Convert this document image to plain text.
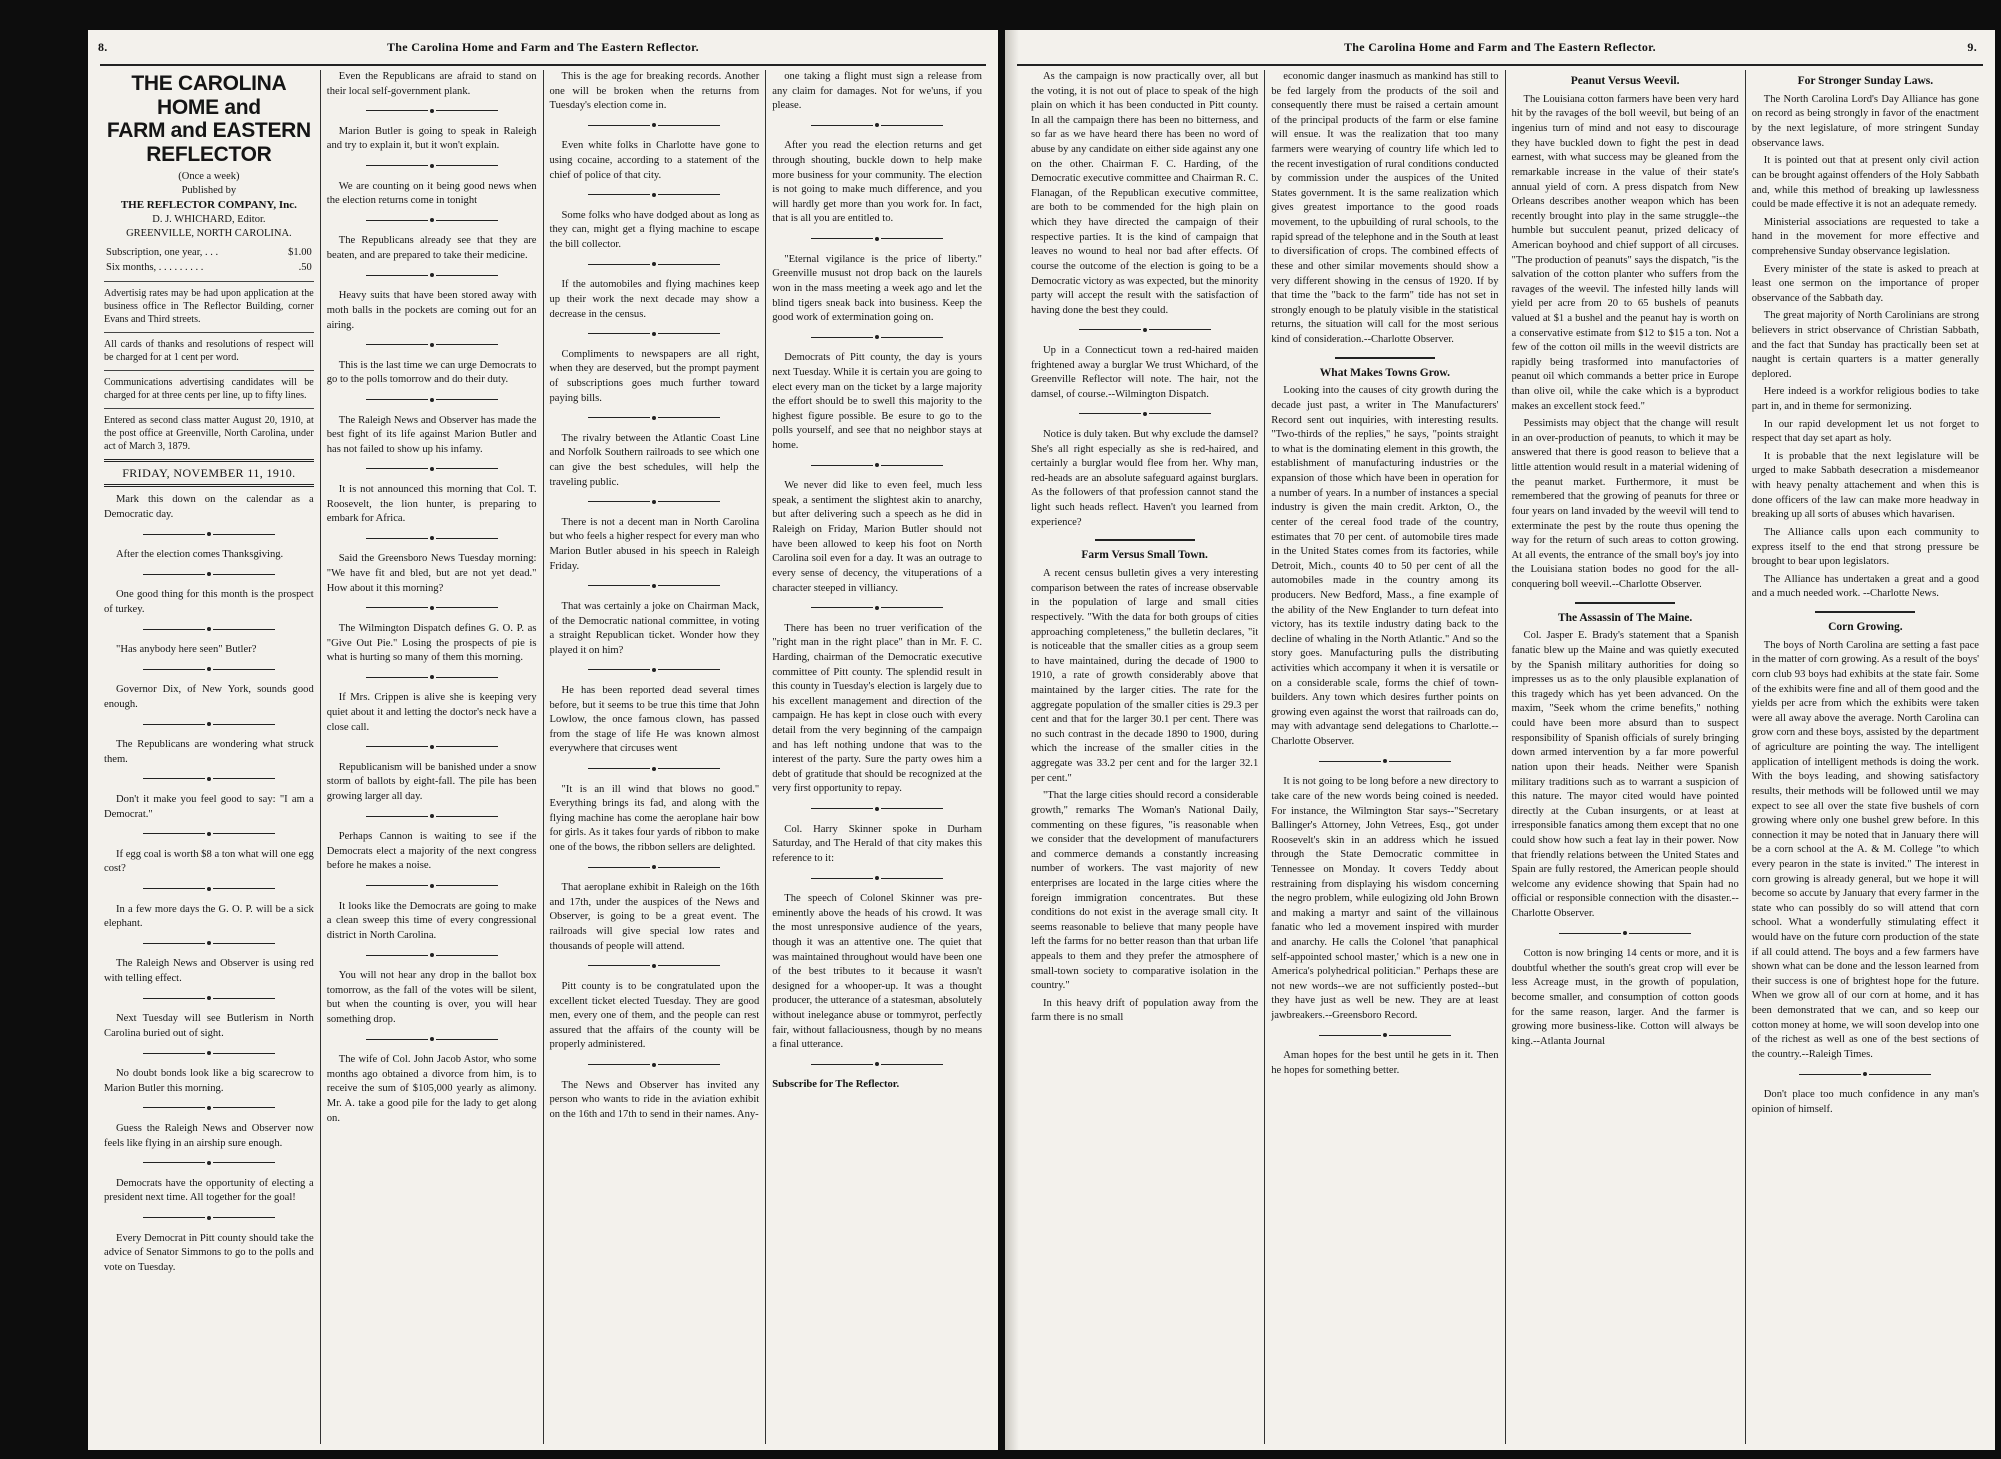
8.	The Carolina Home and Farm and The Eastern Reflector.
THE CAROLINA HOME and
FARM and EASTERN
REFLECTOR
(Once a week)
Published by
THE REFLECTOR COMPANY, Inc.
D. J. WHICHARD, Editor.
GREENVILLE, NORTH CAROLINA.
Subscription, one year, . . .	$1.00
Six months, . . . . . . . . .	.50
Advertisig rates may be had upon application at the business office in The Reflector Building, corner Evans and Third streets.
All cards of thanks and resolutions of respect will be charged for at 1 cent per word.
Communications advertising candidates will be charged for at three cents per line, up to fifty lines.
Entered as second class matter August 20, 1910, at the post office at Greenville, North Carolina, under act of March 3, 1879.
FRIDAY, NOVEMBER 11, 1910.

Mark this down on the calendar as a Democratic day.

After the election comes Thanksgiving.

One good thing for this month is the prospect of turkey.

"Has anybody here seen" Butler?

Governor Dix, of New York, sounds good enough.

The Republicans are wondering what struck them.

Don't it make you feel good to say: "I am a Democrat."

If egg coal is worth $8 a ton what will one egg cost?

In a few more days the G. O. P. will be a sick elephant.

The Raleigh News and Observer is using red with telling effect.

Next Tuesday will see Butlerism in North Carolina buried out of sight.

No doubt bonds look like a big scarecrow to Marion Butler this morning.

Guess the Raleigh News and Observer now feels like flying in an airship sure enough.

Democrats have the opportunity of electing a president next time. All together for the goal!

Every Democrat in Pitt county should take the advice of Senator Simmons to go to the polls and vote on Tuesday.

Even the Republicans are afraid to stand on their local self-government plank.

Marion Butler is going to speak in Raleigh and try to explain it, but it won't explain.

We are counting on it being good news when the election returns come in tonight

The Republicans already see that they are beaten, and are prepared to take their medicine.

Heavy suits that have been stored away with moth balls in the pockets are coming out for an airing.

This is the last time we can urge Democrats to go to the polls tomorrow and do their duty.

The Raleigh News and Observer has made the best fight of its life against Marion Butler and has not failed to show up his infamy.

It is not announced this morning that Col. T. Roosevelt, the lion hunter, is preparing to embark for Africa.

Said the Greensboro News Tuesday morning: "We have fit and bled, but are not yet dead." How about it this morning?

The Wilmington Dispatch defines G. O. P. as "Give Out Pie." Losing the prospects of pie is what is hurting so many of them this morning.

If Mrs. Crippen is alive she is keeping very quiet about it and letting the doctor's neck have a close call.

Republicanism will be banished under a snow storm of ballots by eight-fall. The pile has been growing larger all day.

Perhaps Cannon is waiting to see if the Democrats elect a majority of the next congress before he makes a noise.

It looks like the Democrats are going to make a clean sweep this time of every congressional district in North Carolina.

You will not hear any drop in the ballot box tomorrow, as the fall of the votes will be silent, but when the counting is over, you will hear something drop.

The wife of Col. John Jacob Astor, who some months ago obtained a divorce from him, is to receive the sum of $105,000 yearly as alimony. Mr. A. take a good pile for the lady to get along on.

This is the age for breaking records. Another one will be broken when the returns from Tuesday's election come in.

Even white folks in Charlotte have gone to using cocaine, according to a statement of the chief of police of that city.

Some folks who have dodged about as long as they can, might get a flying machine to escape the bill collector.

If the automobiles and flying machines keep up their work the next decade may show a decrease in the census.

Compliments to newspapers are all right, when they are deserved, but the prompt payment of subscriptions goes much further toward paying bills.

The rivalry between the Atlantic Coast Line and Norfolk Southern railroads to see which one can give the best schedules, will help the traveling public.

There is not a decent man in North Carolina but who feels a higher respect for every man who Marion Butler abused in his speech in Raleigh Friday.

That was certainly a joke on Chairman Mack, of the Democratic national committee, in voting a straight Republican ticket. Wonder how they played it on him?

He has been reported dead several times before, but it seems to be true this time that John Lowlow, the once famous clown, has passed from the stage of life He was known almost everywhere that circuses went

"It is an ill wind that blows no good." Everything brings its fad, and along with the flying machine has come the aeroplane hair bow for girls. As it takes four yards of ribbon to make one of the bows, the ribbon sellers are delighted.

That aeroplane exhibit in Raleigh on the 16th and 17th, under the auspices of the News and Observer, is going to be a great event. The railroads will give special low rates and thousands of people will attend.

Pitt county is to be congratulated upon the excellent ticket elected Tuesday. They are good men, every one of them, and the people can rest assured that the affairs of the county will be properly administered.

The News and Observer has invited any person who wants to ride in the aviation exhibit on the 16th and 17th to send in their names. Any-

one taking a flight must sign a release from any claim for damages. Not for we'uns, if you please.

After you read the election returns and get through shouting, buckle down to help make more business for your community. The election is not going to make much difference, and you will hardly get more than you work for. In fact, that is all you are entitled to.

"Eternal vigilance is the price of liberty." Greenville musust not drop back on the laurels won in the mass meeting a week ago and let the blind tigers sneak back into business. Keep the good work of extermination going on.

Democrats of Pitt county, the day is yours next Tuesday. While it is certain you are going to elect every man on the ticket by a large majority the effort should be to swell this majority to the highest figure possible. Be esure to go to the polls yourself, and see that no neighbor stays at home.

We never did like to even feel, much less speak, a sentiment the slightest akin to anarchy, but after delivering such a speech as he did in Raleigh on Friday, Marion Butler should not have been allowed to keep his foot on North Carolina soil even for a day. It was an outrage to every sense of decency, the vituperations of a character steeped in villiancy.

There has been no truer verification of the "right man in the right place" than in Mr. F. C. Harding, chairman of the Democratic executive committee of Pitt county. The splendid result in this county in Tuesday's election is largely due to his excellent management and direction of the campaign. He has kept in close ouch with every detail from the very beginning of the campaign and has left nothing undone that was to the interest of the party. Sure the party owes him a debt of gratitude that should be recognized at the very first opportunity to repay.

Col. Harry Skinner spoke in Durham Saturday, and The Herald of that city makes this reference to it:

The speech of Colonel Skinner was pre-eminently above the heads of his crowd. It was the most unresponsive audience of the years, though it was an attentive one. The quiet that was maintained throughout would have been one of the best tributes to it because it wasn't designed for a whooper-up. It was a thought producer, the utterance of a statesman, absolutely without inelegance abuse or tommyrot, perfectly fair, without fallaciousness, though by no means a final utterance.

Subscribe for The Reflector.
The Carolina Home and Farm and The Eastern Reflector.	9.

As the campaign is now practically over, all but the voting, it is not out of place to speak of the high plain on which it has been conducted in Pitt county. In all the campaign there has been no bitterness, and so far as we have heard there has been no word of abuse by any candidate on either side against any one on the other. Chairman F. C. Harding, of the Democratic executive committee and Chairman R. C. Flanagan, of the Republican executive committee, are both to be commended for the high plain on which they have directed the campaign of their respective parties. It is the kind of campaign that leaves no wound to heal nor bad after effects. Of course the outcome of the election is going to be a Democratic victory as was expected, but the minority party will accept the result with the satisfaction of having done the best they could.

Up in a Connecticut town a red-haired maiden frightened away a burglar We trust Whichard, of the Greenville Reflector will note. The hair, not the damsel, of course.--Wilmington Dispatch.

Notice is duly taken. But why exclude the damsel? She's all right especially as she is red-haired, and certainly a burglar would flee from her. Why man, red-heads are an absolute safeguard against burglars. As the followers of that profession cannot stand the light such heads reflect. Haven't you learned from experience?

Farm Versus Small Town.

A recent census bulletin gives a very interesting comparison between the rates of increase observable in the population of large and small cities respectively. "With the data for both groups of cities approaching completeness," the bulletin declares, "it is noticeable that the smaller cities as a group seem to have maintained, during the decade of 1900 to 1910, a rate of growth considerably above that maintained by the larger cities. The rate for the aggregate population of the smaller cities is 29.3 per cent and that for the larger 30.1 per cent. There was no such contrast in the decade 1890 to 1900, during which the increase of the smaller cities in the aggregate was 33.2 per cent and for the larger 32.1 per cent."

"That the large cities should record a considerable growth," remarks The Woman's National Daily, commenting on these figures, "is reasonable when we consider that the development of manufacturers and commerce demands a constantly increasing number of workers. The vast majority of new enterprises are located in the large cities where the foreign immigration concentrates. But these conditions do not exist in the average small city. It seems reasonable to believe that many people have left the farms for no better reason than that urban life appeals to them and they prefer the atmosphere of small-town society to comparative isolation in the country."

In this heavy drift of population away from the farm there is no small

economic danger inasmuch as mankind has still to be fed largely from the products of the soil and consequently there must be raised a certain amount of the principal products of the farm or else famine will ensue. It was the realization that too many farmers were wearying of country life which led to the recent investigation of rural conditions conducted by commission under the auspices of the United States government. It is the same realization which gives greatest importance to the good roads movement, to the upbuilding of rural schools, to the rapid spread of the telephone and in the South at least to diversification of crops. The combined effects of these and other similar movements should show a very different showing in the census of 1920. If by that time the "back to the farm" tide has not set in strongly enough to be platuly visible in the statistical returns, the situation will call for the most serious kind of consideration.--Charlotte Observer.

What Makes Towns Grow.

Looking into the causes of city growth during the decade just past, a writer in The Manufacturers' Record sent out inquiries, with interesting results. "Two-thirds of the replies," he says, "points straight to what is the dominating element in this growth, the establishment of manufacturing industries or the expansion of those which have been in operation for a number of years. In a number of instances a special industry is given the main credit. Arkton, O., the center of the cereal food trade of the country, estimates that 70 per cent. of automobile tires made in the United States comes from its factories, while Detroit, Mich., counts 40 to 50 per cent of all the automobiles made in the country among its producers. New Bedford, Mass., a fine example of the ability of the New Englander to turn defeat into victory, has its textile industry dating back to the decline of whaling in the North Atlantic." And so the story goes. Manufacturing pulls the distributing activities which accompany it when it is versatile or on a considerable scale, forms the chief of town-builders. Any town which desires further points on growing even against the worst that railroads can do, may with advantage send delegations to Charlotte.--Charlotte Observer.

It is not going to be long before a new directory to take care of the new words being coined is needed. For instance, the Wilmington Star says--"Secretary Ballinger's Attorney, John Vetrees, Esq., got under Roosevelt's skin in an address which he issued through the State Democratic committee in Tennessee on Monday. It covers Teddy about restraining from displaying his wisdom concerning the negro problem, while eulogizing old John Brown and making a martyr and saint of the villainous fanatic who led a movement inspired with murder and anarchy. He calls the Colonel 'that panaphical self-appointed school master,' which is a new one in America's polyhedrical politician." Perhaps these are not new words--we are not sufficiently posted--but they have just as well be new. They are at least jawbreakers.--Greensboro Record.

Aman hopes for the best until he gets in it. Then he hopes for something better.

Peanut Versus Weevil.

The Louisiana cotton farmers have been very hard hit by the ravages of the boll weevil, but being of an ingenius turn of mind and not easy to discourage they have buckled down to fight the pest in dead earnest, with what success may be gleaned from the remarkable increase in the value of their state's annual yield of corn. A press dispatch from New Orleans describes another weapon which has been recently brought into play in the same struggle--the humble but succulent peanut, prized delicacy of American boyhood and chief support of all circuses. "The production of peanuts" says the dispatch, "is the salvation of the cotton planter who suffers from the ravages of the weevil. The infested hilly lands will yield per acre from 20 to 65 bushels of peanuts valued at $1 a bushel and the peanut hay is worth on a conservative estimate from $12 to $15 a ton. Not a few of the cotton oil mills in the weevil districts are rapidly being trasformed into manufactories of peanut oil which commands a better price in Europe than olive oil, while the cake which is a byproduct makes an excellent stock feed."

Pessimists may object that the change will result in an over-production of peanuts, to which it may be answered that there is good reason to believe that a little attention would result in a material widening of the peanut market. Furthermore, it must be remembered that the growing of peanuts for three or four years on land invaded by the weevil will tend to exterminate the pest by the route thus opening the way for the return of such areas to cotton growing. At all events, the entrance of the small boy's joy into the Louisiana station bodes no good for the all-conquering boll weevil.--Charlotte Observer.

The Assassin of The Maine.

Col. Jasper E. Brady's statement that a Spanish fanatic blew up the Maine and was quietly executed by the Spanish military authorities for doing so impresses us as to the only plausible explanation of this tragedy which has yet been advanced. On the maxim, "Seek whom the crime benefits," nothing could have been more absurd than to suspect responsibility of Spanish officials of surely bringing down armed intervention by a far more powerful nation upon their heads. Neither were Spanish military traditions such as to warrant a suspicion of this nature. The mayor cited would have pointed directly at the Cuban insurgents, or at least at irresponsible fanatics among them except that no one could show how such a feat lay in their power. Now that friendly relations between the United States and Spain are fully restored, the American people should welcome any evidence showing that Spain had no official or responsible connection with the disaster.--Charlotte Observer.

Cotton is now bringing 14 cents or more, and it is doubtful whether the south's great crop will ever be less Acreage must, in the growth of population, become smaller, and consumption of cotton goods for the same reason, larger. And the farmer is growing more business-like. Cotton will always be king.--Atlanta Journal

For Stronger Sunday Laws.

The North Carolina Lord's Day Alliance has gone on record as being strongly in favor of the enactment by the next legislature, of more stringent Sunday observance laws.

It is pointed out that at present only civil action can be brought against offenders of the Holy Sabbath and, while this method of breaking up lawlessness could be made effective it is not an adequate remedy.

Ministerial associations are requested to take a hand in the movement for more effective and comprehensive Sunday observance legislation.

Every minister of the state is asked to preach at least one sermon on the importance of proper observance of the Sabbath day.

The great majority of North Carolinians are strong believers in strict observance of Christian Sabbath, and the fact that Sunday has practically been set at naught is certain quarters is a matter generally deplored.

Here indeed is a workfor religious bodies to take part in, and in theme for sermonizing.

In our rapid development let us not forget to respect that day set apart as holy.

It is probable that the next legislature will be urged to make Sabbath desecration a misdemeanor with heavy penalty attachement and when this is done officers of the law can make more headway in breaking up all sorts of abuses which havarisen.

The Alliance calls upon each community to express itself to the end that strong pressure be brought to bear upon legislators.

The Alliance has undertaken a great and a good and a much needed work. --Charlotte News.

Corn Growing.

The boys of North Carolina are setting a fast pace in the matter of corn growing. As a result of the boys' corn club 93 boys had exhibits at the state fair. Some of the exhibits were fine and all of them good and the yields per acre from which the exhibits were taken were all away above the average. North Carolina can grow corn and these boys, assisted by the department of agriculture are pointing the way. The intelligent application of intelligent methods is doing the work. With the boys leading, and showing satisfactory results, their methods will be followed until we may expect to see all over the state five bushels of corn growing where only one bushel grew before. In this connection it may be noted that in January there will be a corn school at the A. & M. College "to which every pearon in the state is invited." The interest in corn growing is already general, but we hope it will become so accute by January that every farmer in the state who can possibly do so will attend that corn school. What a wonderfully stimulating effect it would have on the future corn production of the state if all could attend. The boys and a few farmers have shown what can be done and the lesson learned from their success is one of brightest hope for the future. When we grow all of our corn at home, and it has been demonstrated that we can, and so keep our cotton money at home, we will soon develop into one of the richest as well as one of the best sections of the country.--Raleigh Times.

Don't place too much confidence in any man's opinion of himself.
